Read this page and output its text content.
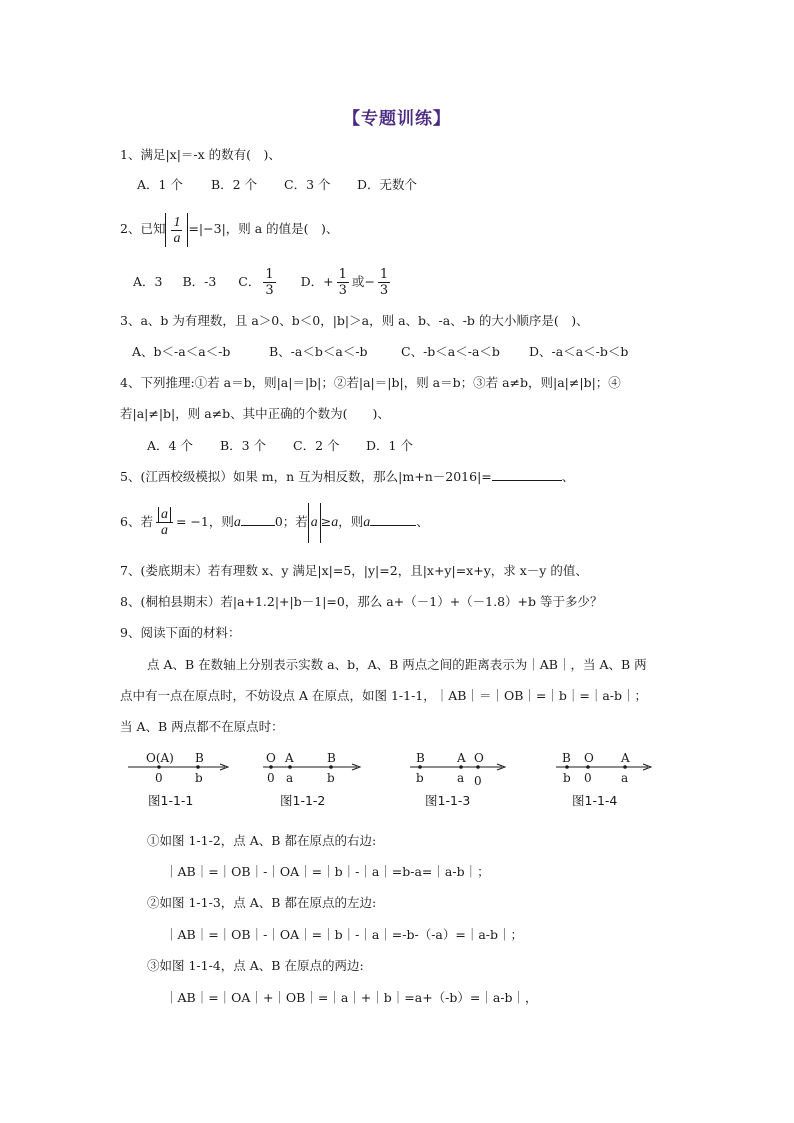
【专题训练】
1、满足|x|＝-x 的数有(　)、
A．1 个 B．2 个 C．3 个 D．无数个
2、已知 $\frac{1}{a} =|-3|$，则 a 的值是(　)、
A．3 B．-3 C． $\frac{1}{3}$ D．+ $\frac{1}{3}$ 或− $\frac{1}{3}$
3、a、b 为有理数，且 a＞0、b＜0，|b|＞a，则 a、b、-a、-b 的大小顺序是(　)、
A、b＜-a＜a＜-b	B、-a＜b＜a＜-b	C、-b＜a＜-a＜b D、-a＜a＜-b＜b
4、下列推理:①若 a＝b，则|a|＝|b|；②若|a|＝|b|，则 a＝b；③若 a≠b，则|a|≠|b|；④
若|a|≠|b|，则 a≠b、其中正确的个数为(　　)、
A．4 个 B．3 个 C．2 个 D．1 个
5、(江西校级模拟）如果 m，n 互为相反数，那么|m+n－2016|=	、
6、若 $\frac{a}{a} = -1$，则a	0；若 a ≥a，则a	、
7、(娄底期末）若有理数 x、y 满足|x|=5，|y|=2，且|x+y|=x+y，求 x－y 的值、
8、(桐柏县期末）若|a+1.2|+|b－1|=0，那么 a+（－1）+（－1.8）+b 等于多少？
9、阅读下面的材料：
点 A、B 在数轴上分别表示实数 a、b，A、B 两点之间的距离表示为｜AB｜，当 A、B 两
点中有一点在原点时，不妨设点 A 在原点，如图 1-1-1，｜AB｜＝｜OB｜=｜b｜=｜a-b｜；
当 A、B 两点都不在原点时：
O(A) B
0	b
图1-1-1
O A	B
0 a	b
图1-1-2
B	A O
b	a 0
图1-1-3
B O A
b 0 a
图1-1-4
①如图 1-1-2，点 A、B 都在原点的右边:
｜AB｜=｜OB｜-｜OA｜=｜b｜-｜a｜=b-a=｜a-b｜；
②如图 1-1-3，点 A、B 都在原点的左边:
｜AB｜=｜OB｜-｜OA｜=｜b｜-｜a｜=-b-（-a）=｜a-b｜；
③如图 1-1-4，点 A、B 在原点的两边:
｜AB｜=｜OA｜+｜OB｜=｜a｜+｜b｜=a+（-b）=｜a-b｜，
